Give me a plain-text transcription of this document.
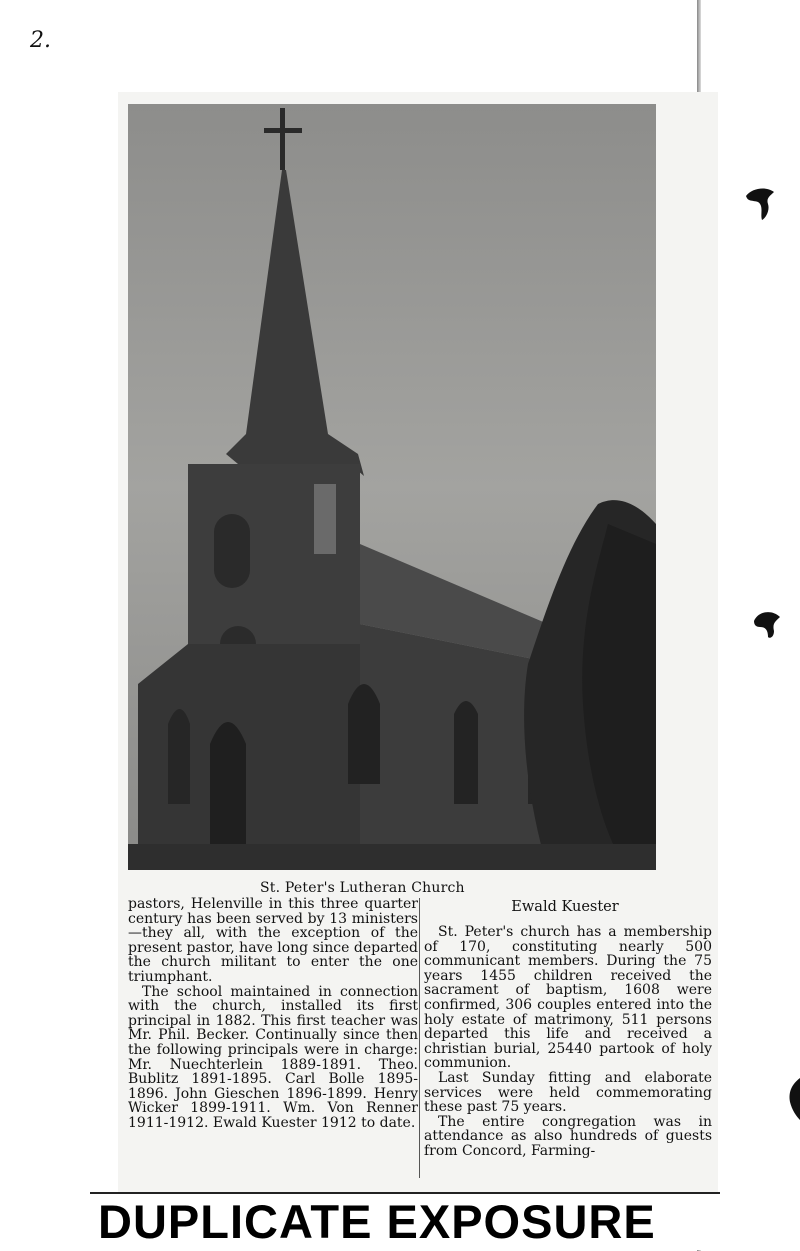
2.
St. Peter's Lutheran Church

pastors, Helenville in this three quarter century has been served by 13 ministers—they all, with the exception of the present pastor, have long since departed the church militant to enter the one triumphant.

The school maintained in connection with the church, installed its first principal in 1882. This first teacher was Mr. Phil. Becker. Continually since then the following principals were in charge: Mr. Nuechterlein 1889-1891. Theo. Bublitz 1891-1895. Carl Bolle 1895-1896. John Gieschen 1896-1899. Henry Wicker 1899-1911. Wm. Von Renner 1911-1912. Ewald Kuester 1912 to date.

Ewald Kuester

St. Peter's church has a membership of 170, constituting nearly 500 communicant members. During the 75 years 1455 children received the sacrament of baptism, 1608 were confirmed, 306 couples entered into the holy estate of matrimony, 511 persons departed this life and received a christian burial, 25440 partook of holy communion.

Last Sunday fitting and elaborate services were held commemorating these past 75 years.

The entire congregation was in attendance as also hundreds of guests from Concord, Farming-

DUPLICATE EXPOSURE
